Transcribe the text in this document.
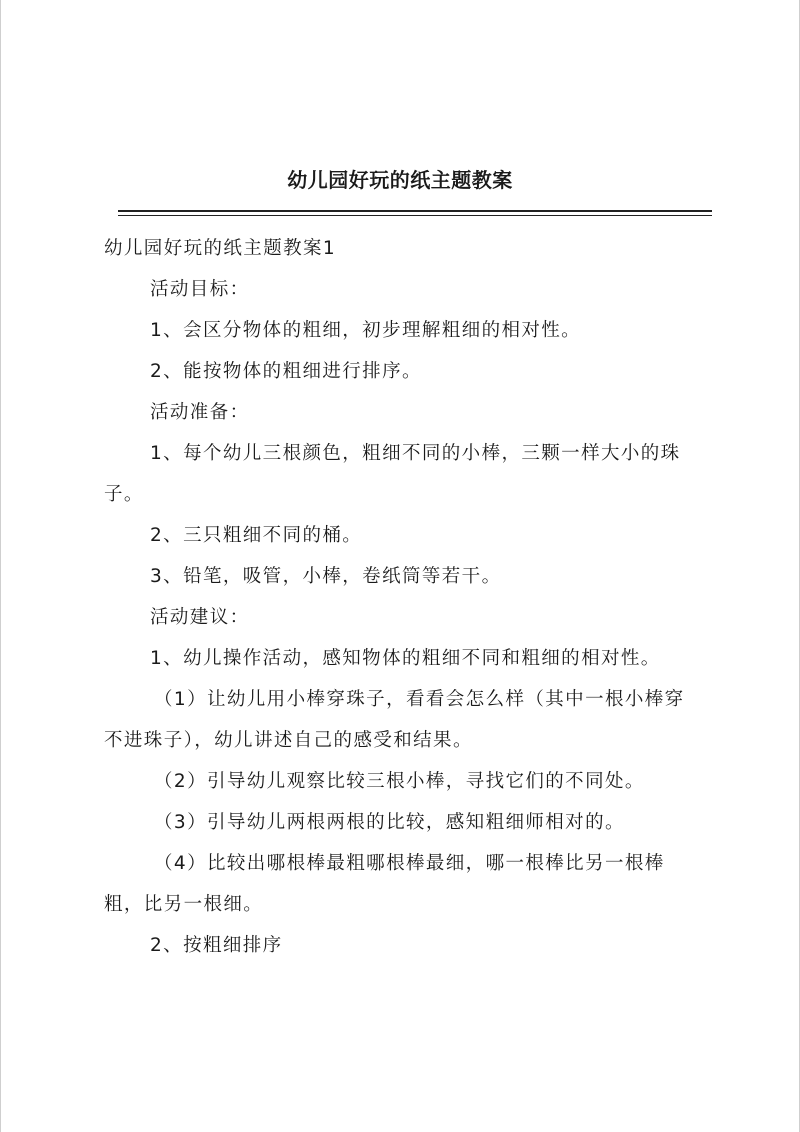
幼儿园好玩的纸主题教案

幼儿园好玩的纸主题教案1

活动目标：

1、会区分物体的粗细，初步理解粗细的相对性。

2、能按物体的粗细进行排序。

活动准备：

1、每个幼儿三根颜色，粗细不同的小棒，三颗一样大小的珠子。

2、三只粗细不同的桶。

3、铅笔，吸管，小棒，卷纸筒等若干。

活动建议：

1、幼儿操作活动，感知物体的粗细不同和粗细的相对性。

（1）让幼儿用小棒穿珠子，看看会怎么样（其中一根小棒穿不进珠子），幼儿讲述自己的感受和结果。

（2）引导幼儿观察比较三根小棒，寻找它们的不同处。

（3）引导幼儿两根两根的比较，感知粗细师相对的。

（4）比较出哪根棒最粗哪根棒最细，哪一根棒比另一根棒粗，比另一根细。

2、按粗细排序
